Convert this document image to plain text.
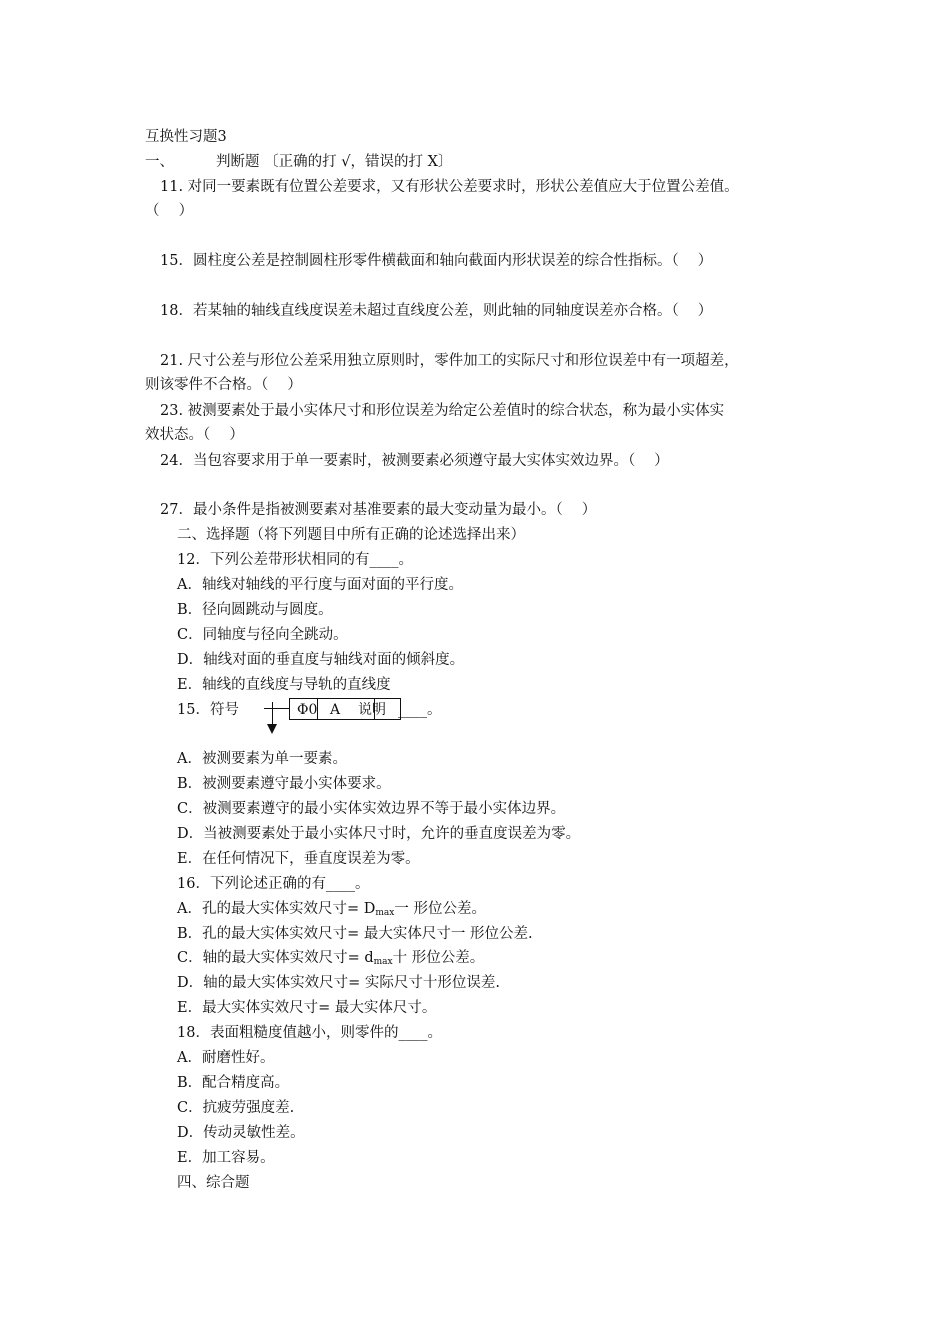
互换性习题3
一、	判断题 〔正确的打 √，错误的打 X〕
11. 对同一要素既有位置公差要求，又有形状公差要求时，形状公差值应大于位置公差值。
（　 ）
15．圆柱度公差是控制圆柱形零件横截面和轴向截面内形状误差的综合性指标。（　 ）
18．若某轴的轴线直线度误差未超过直线度公差，则此轴的同轴度误差亦合格。（　 ）
21. 尺寸公差与形位公差采用独立原则时，零件加工的实际尺寸和形位误差中有一项超差，
则该零件不合格。（　 ）
23. 被测要素处于最小实体尺寸和形位误差为给定公差值时的综合状态，称为最小实体实
效状态。（　 ）
24．当包容要求用于单一要素时，被测要素必须遵守最大实体实效边界。（　 ）
27．最小条件是指被测要素对基准要素的最大变动量为最小。（　 ）
二、选择题（将下列题目中所有正确的论述选择出来）
12．下列公差带形状相同的有____。
A．轴线对轴线的平行度与面对面的平行度。
B．径向圆跳动与圆度。
C．同轴度与径向全跳动。
D．轴线对面的垂直度与轴线对面的倾斜度。
E．轴线的直线度与导轨的直线度
15．符号	Φ0 A 说明 ____。
A．被测要素为单一要素。
B．被测要素遵守最小实体要求。
C．被测要素遵守的最小实体实效边界不等于最小实体边界。
D．当被测要素处于最小实体尺寸时，允许的垂直度误差为零。
E．在任何情况下，垂直度误差为零。
16．下列论述正确的有____。
A．孔的最大实体实效尺寸= $D_{max}$一 形位公差。
B．孔的最大实体实效尺寸= 最大实体尺寸一 形位公差.
C．轴的最大实体实效尺寸= $d_{max}$十 形位公差。
D．轴的最大实体实效尺寸= 实际尺寸十形位误差.
E．最大实体实效尺寸= 最大实体尺寸。
18．表面粗糙度值越小，则零件的____。
A．耐磨性好。
B．配合精度高。
C．抗疲劳强度差.
D．传动灵敏性差。
E．加工容易。
四、综合题
